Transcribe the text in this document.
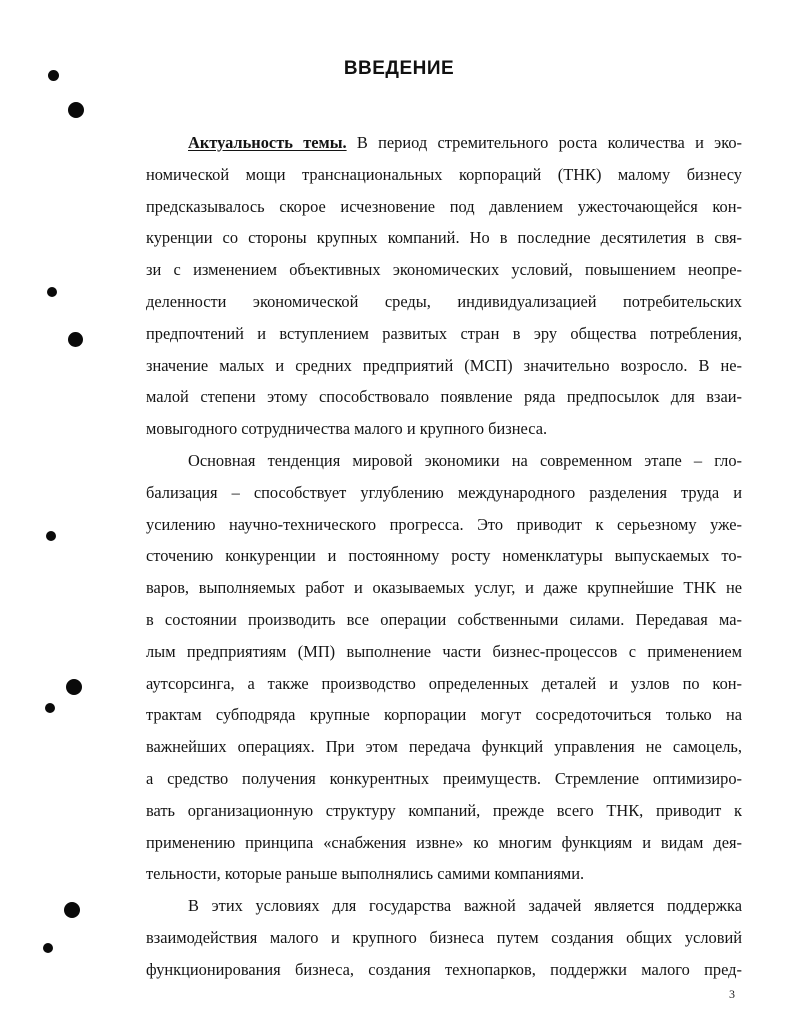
ВВЕДЕНИЕ
Актуальность темы. В период стремительного роста количества и эко-
номической мощи транснациональных корпораций (ТНК) малому бизнесу
предсказывалось скорое исчезновение под давлением ужесточающейся кон-
куренции со стороны крупных компаний. Но в последние десятилетия в свя-
зи с изменением объективных экономических условий, повышением неопре-
деленности экономической среды, индивидуализацией потребительских
предпочтений и вступлением развитых стран в эру общества потребления,
значение малых и средних предприятий (МСП) значительно возросло. В не-
малой степени этому способствовало появление ряда предпосылок для взаи-
мовыгодного сотрудничества малого и крупного бизнеса.
Основная тенденция мировой экономики на современном этапе – гло-
бализация – способствует углублению международного разделения труда и
усилению научно-технического прогресса. Это приводит к серьезному уже-
сточению конкуренции и постоянному росту номенклатуры выпускаемых то-
варов, выполняемых работ и оказываемых услуг, и даже крупнейшие ТНК не
в состоянии производить все операции собственными силами. Передавая ма-
лым предприятиям (МП) выполнение части бизнес-процессов с применением
аутсорсинга, а также производство определенных деталей и узлов по кон-
трактам субподряда крупные корпорации могут сосредоточиться только на
важнейших операциях. При этом передача функций управления не самоцель,
а средство получения конкурентных преимуществ. Стремление оптимизиро-
вать организационную структуру компаний, прежде всего ТНК, приводит к
применению принципа «снабжения извне» ко многим функциям и видам дея-
тельности, которые раньше выполнялись самими компаниями.
В этих условиях для государства важной задачей является поддержка
взаимодействия малого и крупного бизнеса путем создания общих условий
функционирования бизнеса, создания технопарков, поддержки малого пред-
3
